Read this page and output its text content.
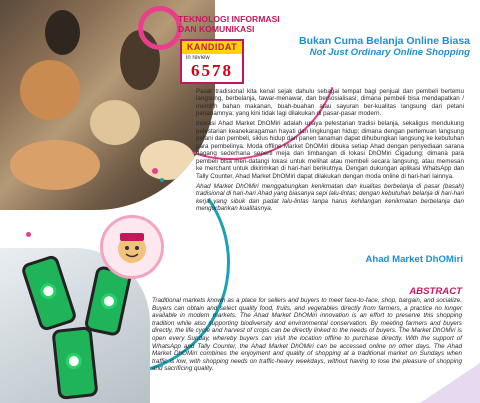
TEKNOLOGI INFORMASI
DAN KOMUNIKASI
KANDIDAT
in review
6578
Bukan Cuma Belanja Online Biasa
Not Just Ordinary Online Shopping

Pasar tradisional kita kenal sejak dahulu sebagai tempat bagi penjual dan pembeli bertemu langsung, berbelanja, tawar-menawar, dan bersosialisasi; dimana pembeli bisa mendapatkan / memilih bahan makanan, buah-buahan atau sayuran ber-kualitas langsung dari petani penanamnya; yang kini tidak lagi dilakukan di pasar-pasar modern.

Inovasi Ahad Market DhOMiri adalah upaya pelestarian tradisi belanja, sekaligus mendukung pelestarian keanekaragaman hayati dan lingkungan hidup; dimana dengan pertemuan langsung petani dan pembeli, siklus hidup dan panen tanaman dapat dihubungkan langsung ke kebutuhan para pembelinya. Moda offline Market DhOMiri dibuka setiap Ahad dengan penyediaan sarana dagang sederhana seperti meja dan timbangan di lokasi DhOMiri Cigadung; dimana para pembeli bisa men-datangi lokasi untuk melihat atau membeli secara langsung, atau memesan ke merchant untuk dikirimkan di hari-hari berikutnya. Dengan dukungan aplikasi WhatsApp dan Tally Counter, Ahad Market DhOMiri dapat dilakukan dengan moda online di hari-hari lainnya.

Ahad Market DhOMiri menggabungkan kenikmatan dan kualitas berbelanja di pasar (basah) tradisional di hari-hari Ahad yang biasanya sepi lalu-lintas; dengan kebutuhan belanja di hari-hari kerja yang sibuk dan padat lalu-lintas tanpa harus kehilangan kenikmatan berbelanja dan mengorbankan kualitasnya.

Ahad Market DhOMiri
ABSTRACT
Traditional markets known as a place for sellers and buyers to meet face-to-face, shop, bargain, and socialize. Buyers can obtain and select quality food, fruits, and vegetables directly from farmers, a practice no longer available in modern markets. The Ahad Market DhOMiri innovation is an effort to preserve this shopping tradition while also supporting biodiversity and environmental conservation. By meeting farmers and buyers directly, the life cycle and harvest of crops can be directly linked to the needs of buyers. The Market DhOMiri is open every Sunday, whereby buyers can visit the location offline to purchase directly. With the support of WhatsApp and Tally Counter, the Ahad Market DhOMiri can be accessed online on other days. The Ahad Market DhOMiri combines the enjoyment and quality of shopping at a traditional market on Sundays when traffic is low, with shopping needs on traffic-heavy weekdays, without having to lose the pleasure of shopping and sacrificing quality.
